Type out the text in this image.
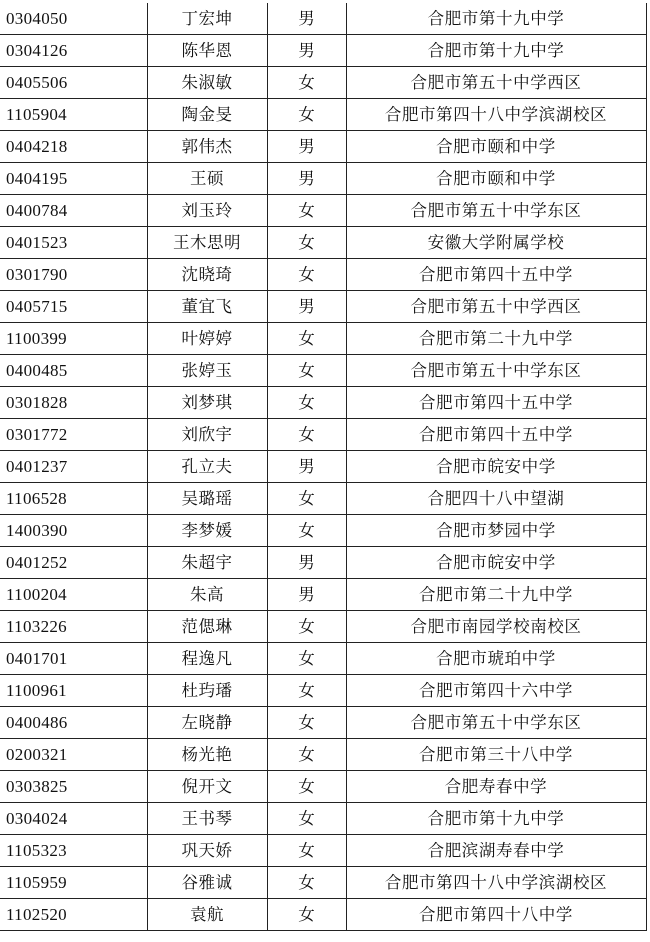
0304050	丁宏坤	男	合肥市第十九中学
0304126	陈华恩	男	合肥市第十九中学
0405506	朱淑敏	女	合肥市第五十中学西区
1105904	陶金旻	女	合肥市第四十八中学滨湖校区
0404218	郭伟杰	男	合肥市颐和中学
0404195	王硕	男	合肥市颐和中学
0400784	刘玉玲	女	合肥市第五十中学东区
0401523	王木思明	女	安徽大学附属学校
0301790	沈晓琦	女	合肥市第四十五中学
0405715	董宜飞	男	合肥市第五十中学西区
1100399	叶婷婷	女	合肥市第二十九中学
0400485	张婷玉	女	合肥市第五十中学东区
0301828	刘梦琪	女	合肥市第四十五中学
0301772	刘欣宇	女	合肥市第四十五中学
0401237	孔立夫	男	合肥市皖安中学
1106528	吴璐瑶	女	合肥四十八中望湖
1400390	李梦媛	女	合肥市梦园中学
0401252	朱超宇	男	合肥市皖安中学
1100204	朱高	男	合肥市第二十九中学
1103226	范偲琳	女	合肥市南园学校南校区
0401701	程逸凡	女	合肥市琥珀中学
1100961	杜玙璠	女	合肥市第四十六中学
0400486	左晓静	女	合肥市第五十中学东区
0200321	杨光艳	女	合肥市第三十八中学
0303825	倪开文	女	合肥寿春中学
0304024	王书琴	女	合肥市第十九中学
1105323	巩天娇	女	合肥滨湖寿春中学
1105959	谷雅诚	女	合肥市第四十八中学滨湖校区
1102520	袁航	女	合肥市第四十八中学
